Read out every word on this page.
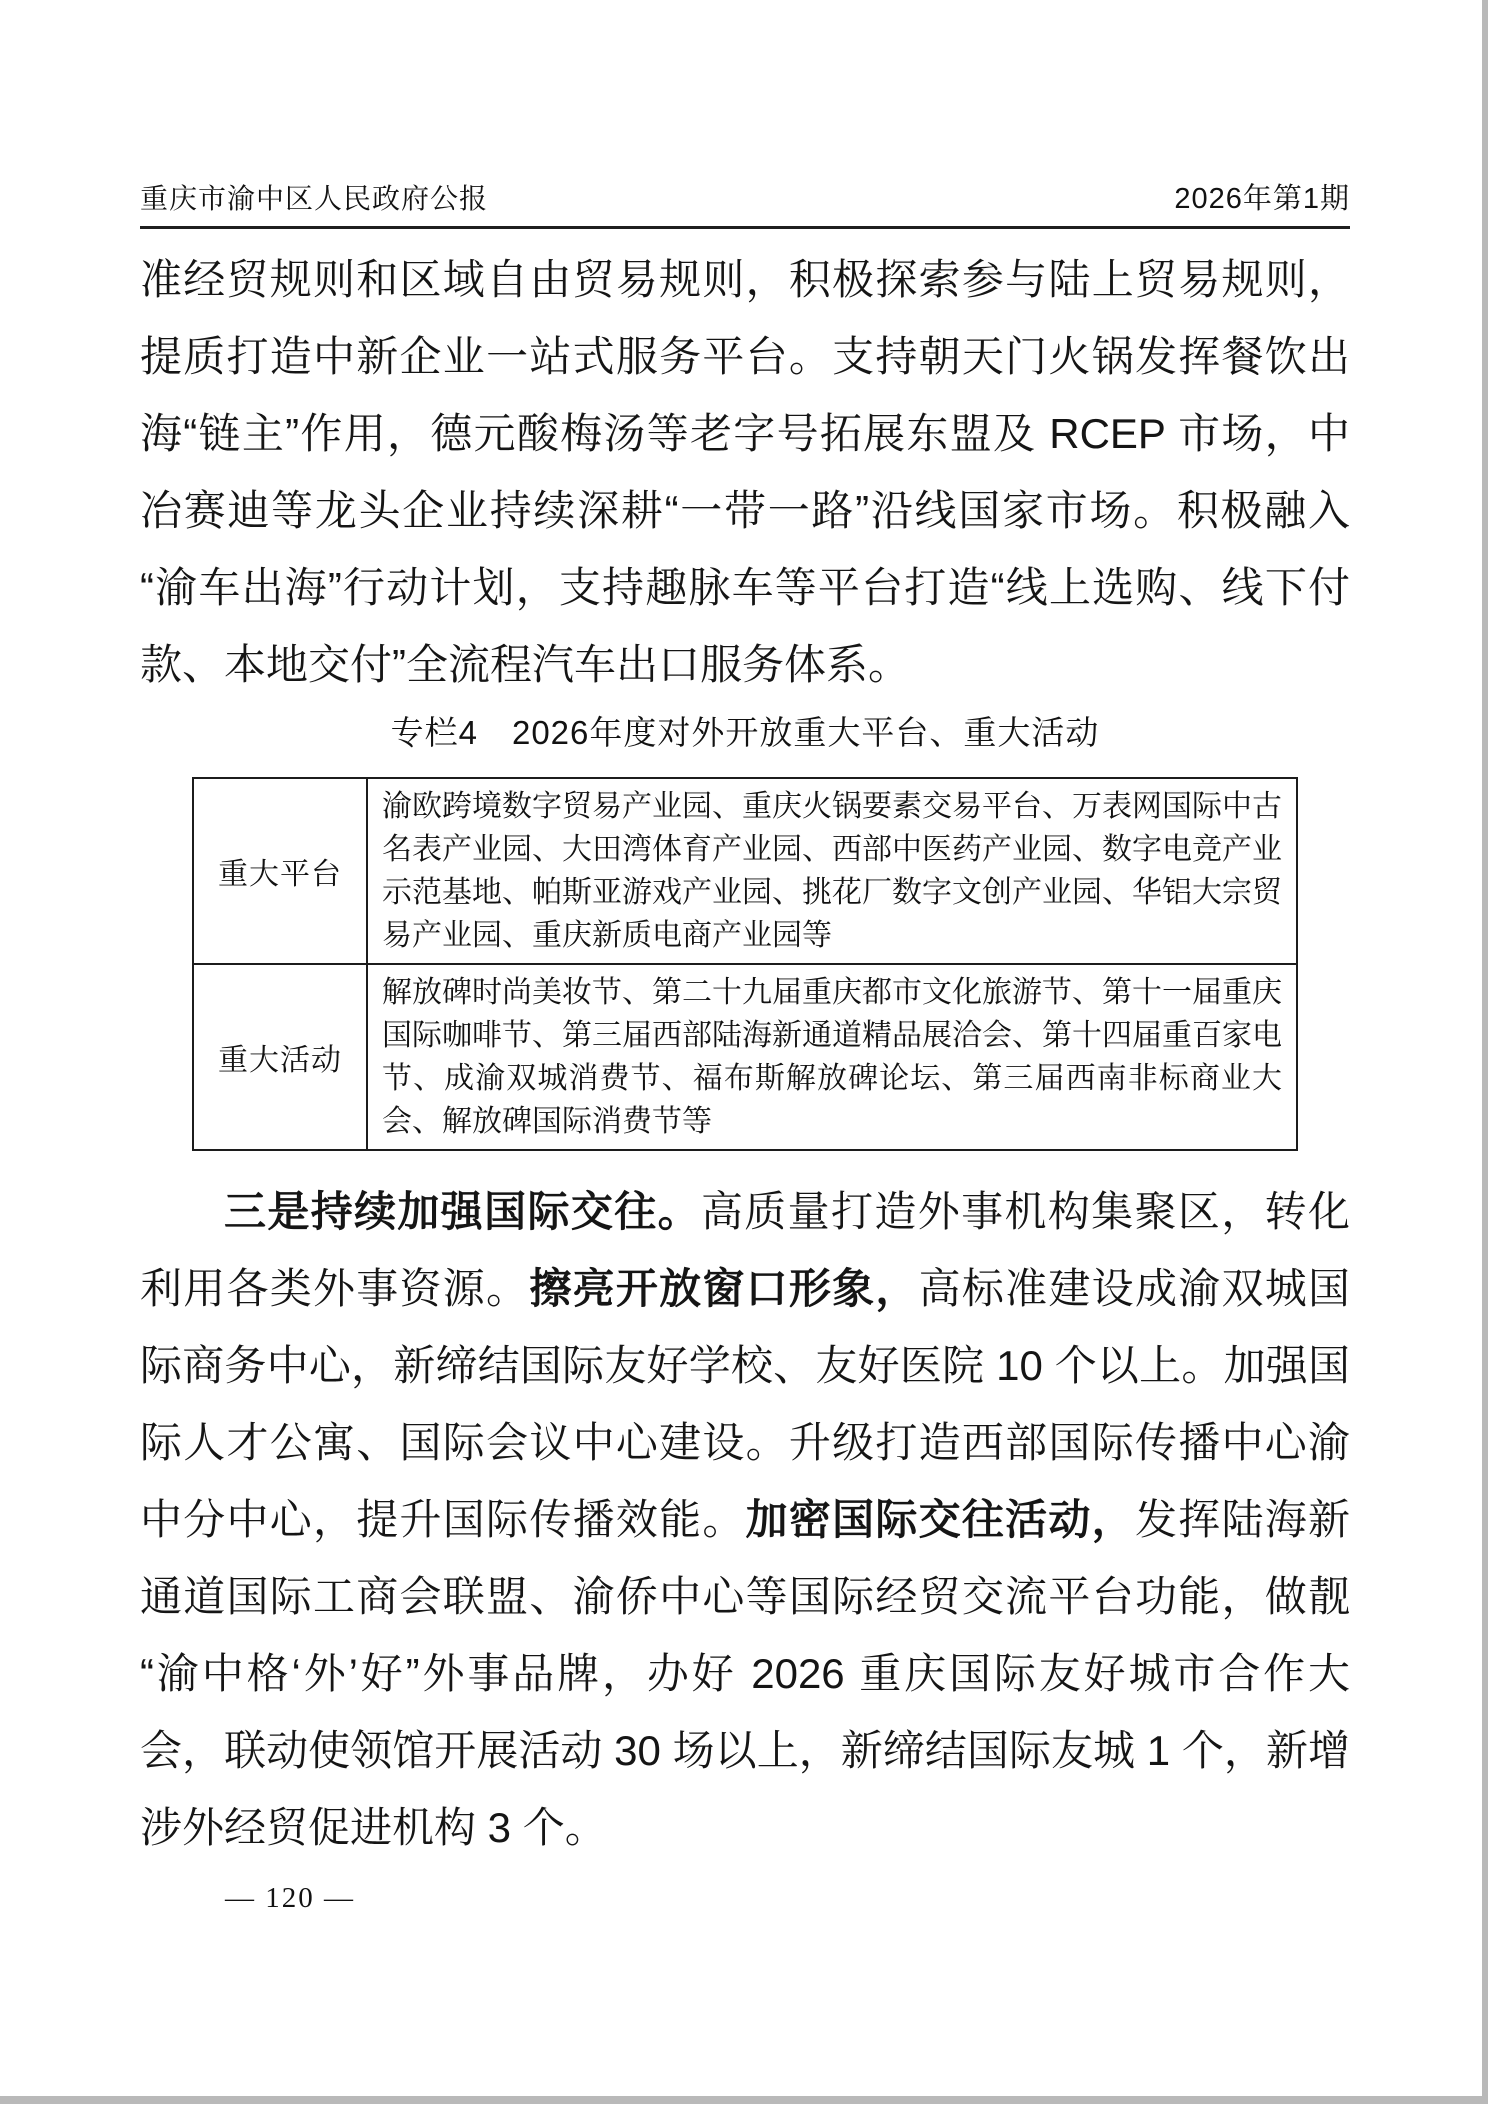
重庆市渝中区人民政府公报	2026年第1期

准经贸规则和区域自由贸易规则，积极探索参与陆上贸易规则，提质打造中新企业一站式服务平台。支持朝天门火锅发挥餐饮出海“链主”作用，德元酸梅汤等老字号拓展东盟及 RCEP 市场，中冶赛迪等龙头企业持续深耕“一带一路”沿线国家市场。积极融入“渝车出海”行动计划，支持趣脉车等平台打造“线上选购、线下付款、本地交付”全流程汽车出口服务体系。

专栏4　2026年度对外开放重大平台、重大活动
重大平台	渝欧跨境数字贸易产业园、重庆火锅要素交易平台、万表网国际中古名表产业园、大田湾体育产业园、西部中医药产业园、数字电竞产业示范基地、帕斯亚游戏产业园、挑花厂数字文创产业园、华铝大宗贸易产业园、重庆新质电商产业园等
重大活动	解放碑时尚美妆节、第二十九届重庆都市文化旅游节、第十一届重庆国际咖啡节、第三届西部陆海新通道精品展洽会、第十四届重百家电节、成渝双城消费节、福布斯解放碑论坛、第三届西南非标商业大会、解放碑国际消费节等

三是持续加强国际交往。高质量打造外事机构集聚区，转化利用各类外事资源。擦亮开放窗口形象，高标准建设成渝双城国际商务中心，新缔结国际友好学校、友好医院 10 个以上。加强国际人才公寓、国际会议中心建设。升级打造西部国际传播中心渝中分中心，提升国际传播效能。加密国际交往活动，发挥陆海新通道国际工商会联盟、渝侨中心等国际经贸交流平台功能，做靓“渝中格‘外’好”外事品牌，办好 2026 重庆国际友好城市合作大会，联动使领馆开展活动 30 场以上，新缔结国际友城 1 个，新增涉外经贸促进机构 3 个。

— 120 —
